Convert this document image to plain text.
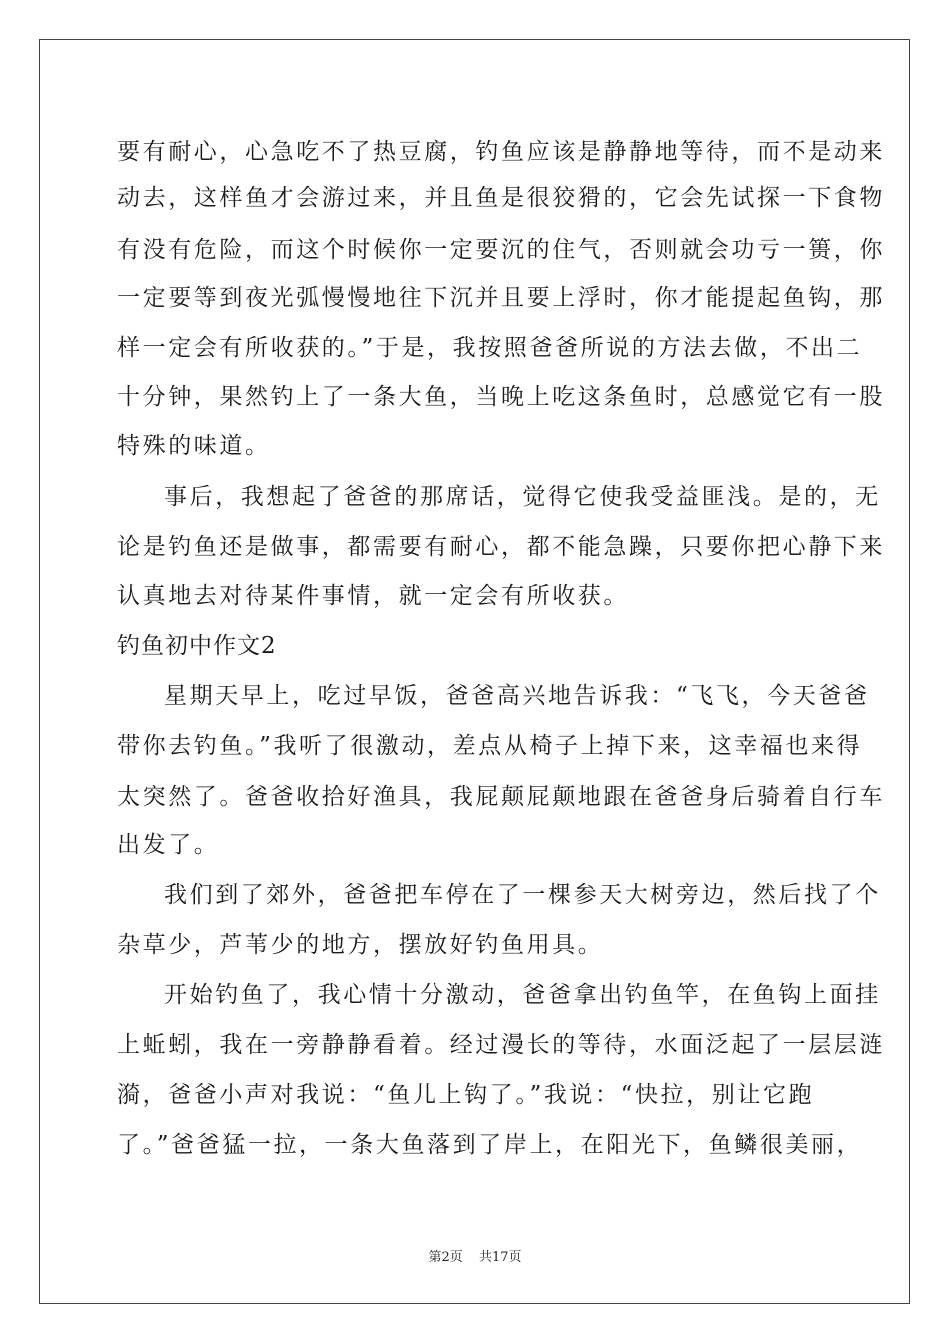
要有耐心，心急吃不了热豆腐，钓鱼应该是静静地等待，而不是动来
动去，这样鱼才会游过来，并且鱼是很狡猾的，它会先试探一下食物
有没有危险，而这个时候你一定要沉的住气，否则就会功亏一篑，你
一定要等到夜光弧慢慢地往下沉并且要上浮时，你才能提起鱼钩，那
样一定会有所收获的。”于是，我按照爸爸所说的方法去做，不出二
十分钟，果然钓上了一条大鱼，当晚上吃这条鱼时，总感觉它有一股
特殊的味道。
事后，我想起了爸爸的那席话，觉得它使我受益匪浅。是的，无
论是钓鱼还是做事，都需要有耐心，都不能急躁，只要你把心静下来
认真地去对待某件事情，就一定会有所收获。
钓鱼初中作文2
星期天早上，吃过早饭，爸爸高兴地告诉我：“飞飞，今天爸爸
带你去钓鱼。”我听了很激动，差点从椅子上掉下来，这幸福也来得
太突然了。爸爸收拾好渔具，我屁颠屁颠地跟在爸爸身后骑着自行车
出发了。
我们到了郊外，爸爸把车停在了一棵参天大树旁边，然后找了个
杂草少，芦苇少的地方，摆放好钓鱼用具。
开始钓鱼了，我心情十分激动，爸爸拿出钓鱼竿，在鱼钩上面挂
上蚯蚓，我在一旁静静看着。经过漫长的等待，水面泛起了一层层涟
漪，爸爸小声对我说：“鱼儿上钩了。”我说：“快拉，别让它跑
了。”爸爸猛一拉，一条大鱼落到了岸上，在阳光下，鱼鳞很美丽，
第2页 共17页
